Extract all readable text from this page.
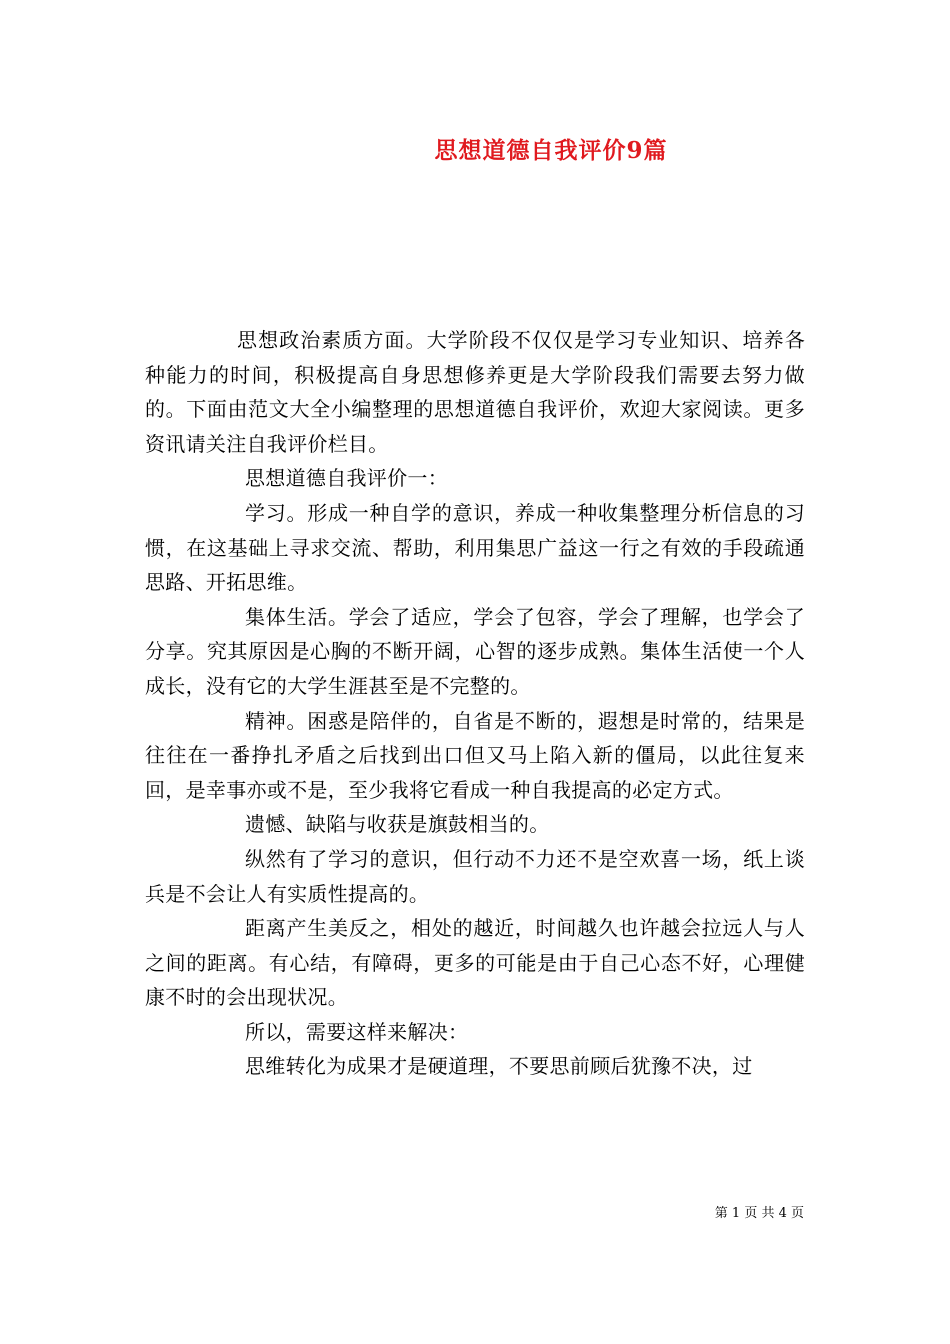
思想道德自我评价9篇

思想政治素质方面。大学阶段不仅仅是学习专业知识、培养各种能力的时间，积极提高自身思想修养更是大学阶段我们需要去努力做的。下面由范文大全小编整理的思想道德自我评价，欢迎大家阅读。更多资讯请关注自我评价栏目。

思想道德自我评价一：

学习。形成一种自学的意识，养成一种收集整理分析信息的习惯，在这基础上寻求交流、帮助，利用集思广益这一行之有效的手段疏通思路、开拓思维。

集体生活。学会了适应，学会了包容，学会了理解，也学会了分享。究其原因是心胸的不断开阔，心智的逐步成熟。集体生活使一个人成长，没有它的大学生涯甚至是不完整的。

精神。困惑是陪伴的，自省是不断的，遐想是时常的，结果是往往在一番挣扎矛盾之后找到出口但又马上陷入新的僵局，以此往复来回，是幸事亦或不是，至少我将它看成一种自我提高的必定方式。

遗憾、缺陷与收获是旗鼓相当的。

纵然有了学习的意识，但行动不力还不是空欢喜一场，纸上谈兵是不会让人有实质性提高的。

距离产生美反之，相处的越近，时间越久也许越会拉远人与人之间的距离。有心结，有障碍，更多的可能是由于自己心态不好，心理健康不时的会出现状况。

所以，需要这样来解决：

思维转化为成果才是硬道理，不要思前顾后犹豫不决，过

第 1 页 共 4 页
